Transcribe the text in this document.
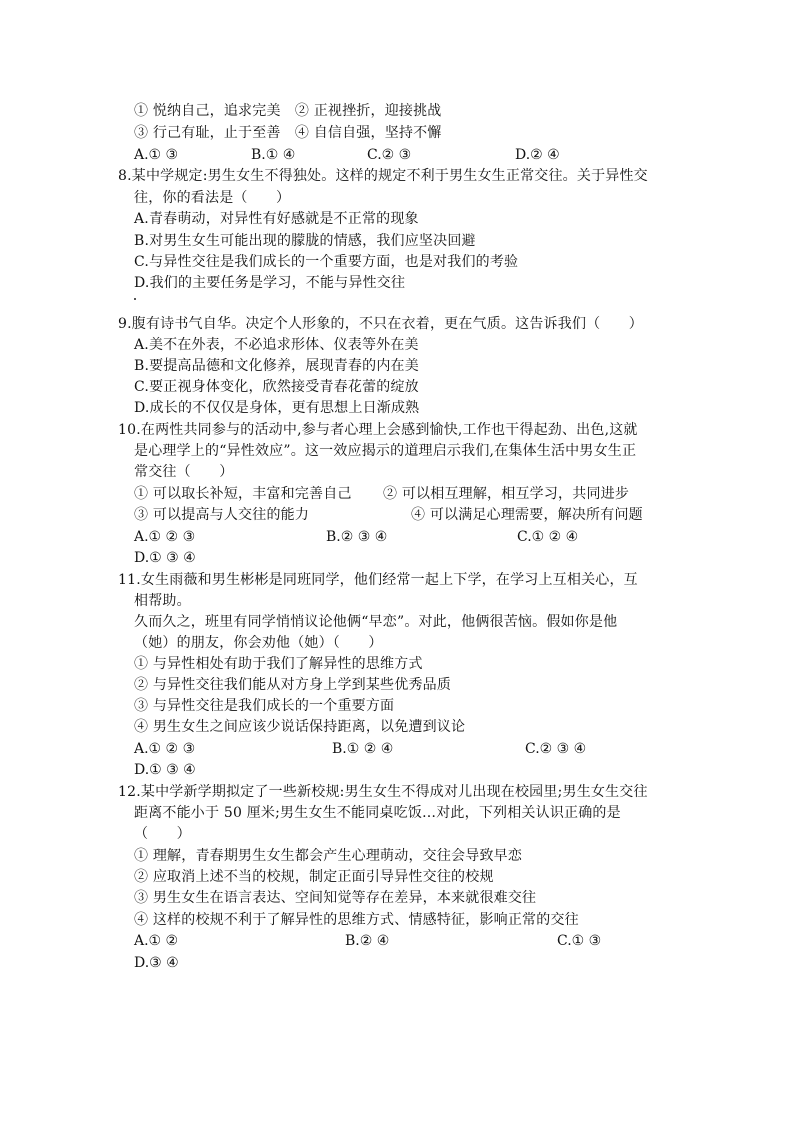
① 悦纳自己，追求完美　② 正视挫折，迎接挑战
③ 行己有耻，止于至善　④ 自信自强，坚持不懈
A.① ③	B.① ④	C.② ③	D.② ④
8.某中学规定:男生女生不得独处。这样的规定不利于男生女生正常交往。关于异性交
往，你的看法是（　　）
A.青春萌动，对异性有好感就是不正常的现象
B.对男生女生可能出现的朦胧的情感，我们应坚决回避
C.与异性交往是我们成长的一个重要方面，也是对我们的考验
D.我们的主要任务是学习，不能与异性交往
9.腹有诗书气自华。决定个人形象的，不只在衣着，更在气质。这告诉我们（　　）
A.美不在外表，不必追求形体、仪表等外在美
B.要提高品德和文化修养，展现青春的内在美
C.要正视身体变化，欣然接受青春花蕾的绽放
D.成长的不仅仅是身体，更有思想上日渐成熟
10.在两性共同参与的活动中,参与者心理上会感到愉快,工作也干得起劲、出色,这就
是心理学上的“异性效应”。这一效应揭示的道理启示我们,在集体生活中男女生正
常交往（　　）
① 可以取长补短，丰富和完善自己 ② 可以相互理解，相互学习，共同进步
③ 可以提高与人交往的能力	④ 可以满足心理需要，解决所有问题
A.① ② ③	B.② ③ ④	C.① ② ④
D.① ③ ④
11.女生雨薇和男生彬彬是同班同学，他们经常一起上下学，在学习上互相关心，互
相帮助。
久而久之，班里有同学悄悄议论他俩“早恋”。对此，他俩很苦恼。假如你是他
（她）的朋友，你会劝他（她）（　　）
① 与异性相处有助于我们了解异性的思维方式
② 与异性交往我们能从对方身上学到某些优秀品质
③ 与异性交往是我们成长的一个重要方面
④ 男生女生之间应该少说话保持距离，以免遭到议论
A.① ② ③	B.① ② ④	C.② ③ ④
D.① ③ ④
12.某中学新学期拟定了一些新校规:男生女生不得成对儿出现在校园里;男生女生交往
距离不能小于 50 厘米;男生女生不能同桌吃饭…对此，下列相关认识正确的是
（　　）
① 理解，青春期男生女生都会产生心理萌动，交往会导致早恋
② 应取消上述不当的校规，制定正面引导异性交往的校规
③ 男生女生在语言表达、空间知觉等存在差异，本来就很难交往
④ 这样的校规不利于了解异性的思维方式、情感特征，影响正常的交往
A.① ②	B.② ④	C.① ③
D.③ ④
